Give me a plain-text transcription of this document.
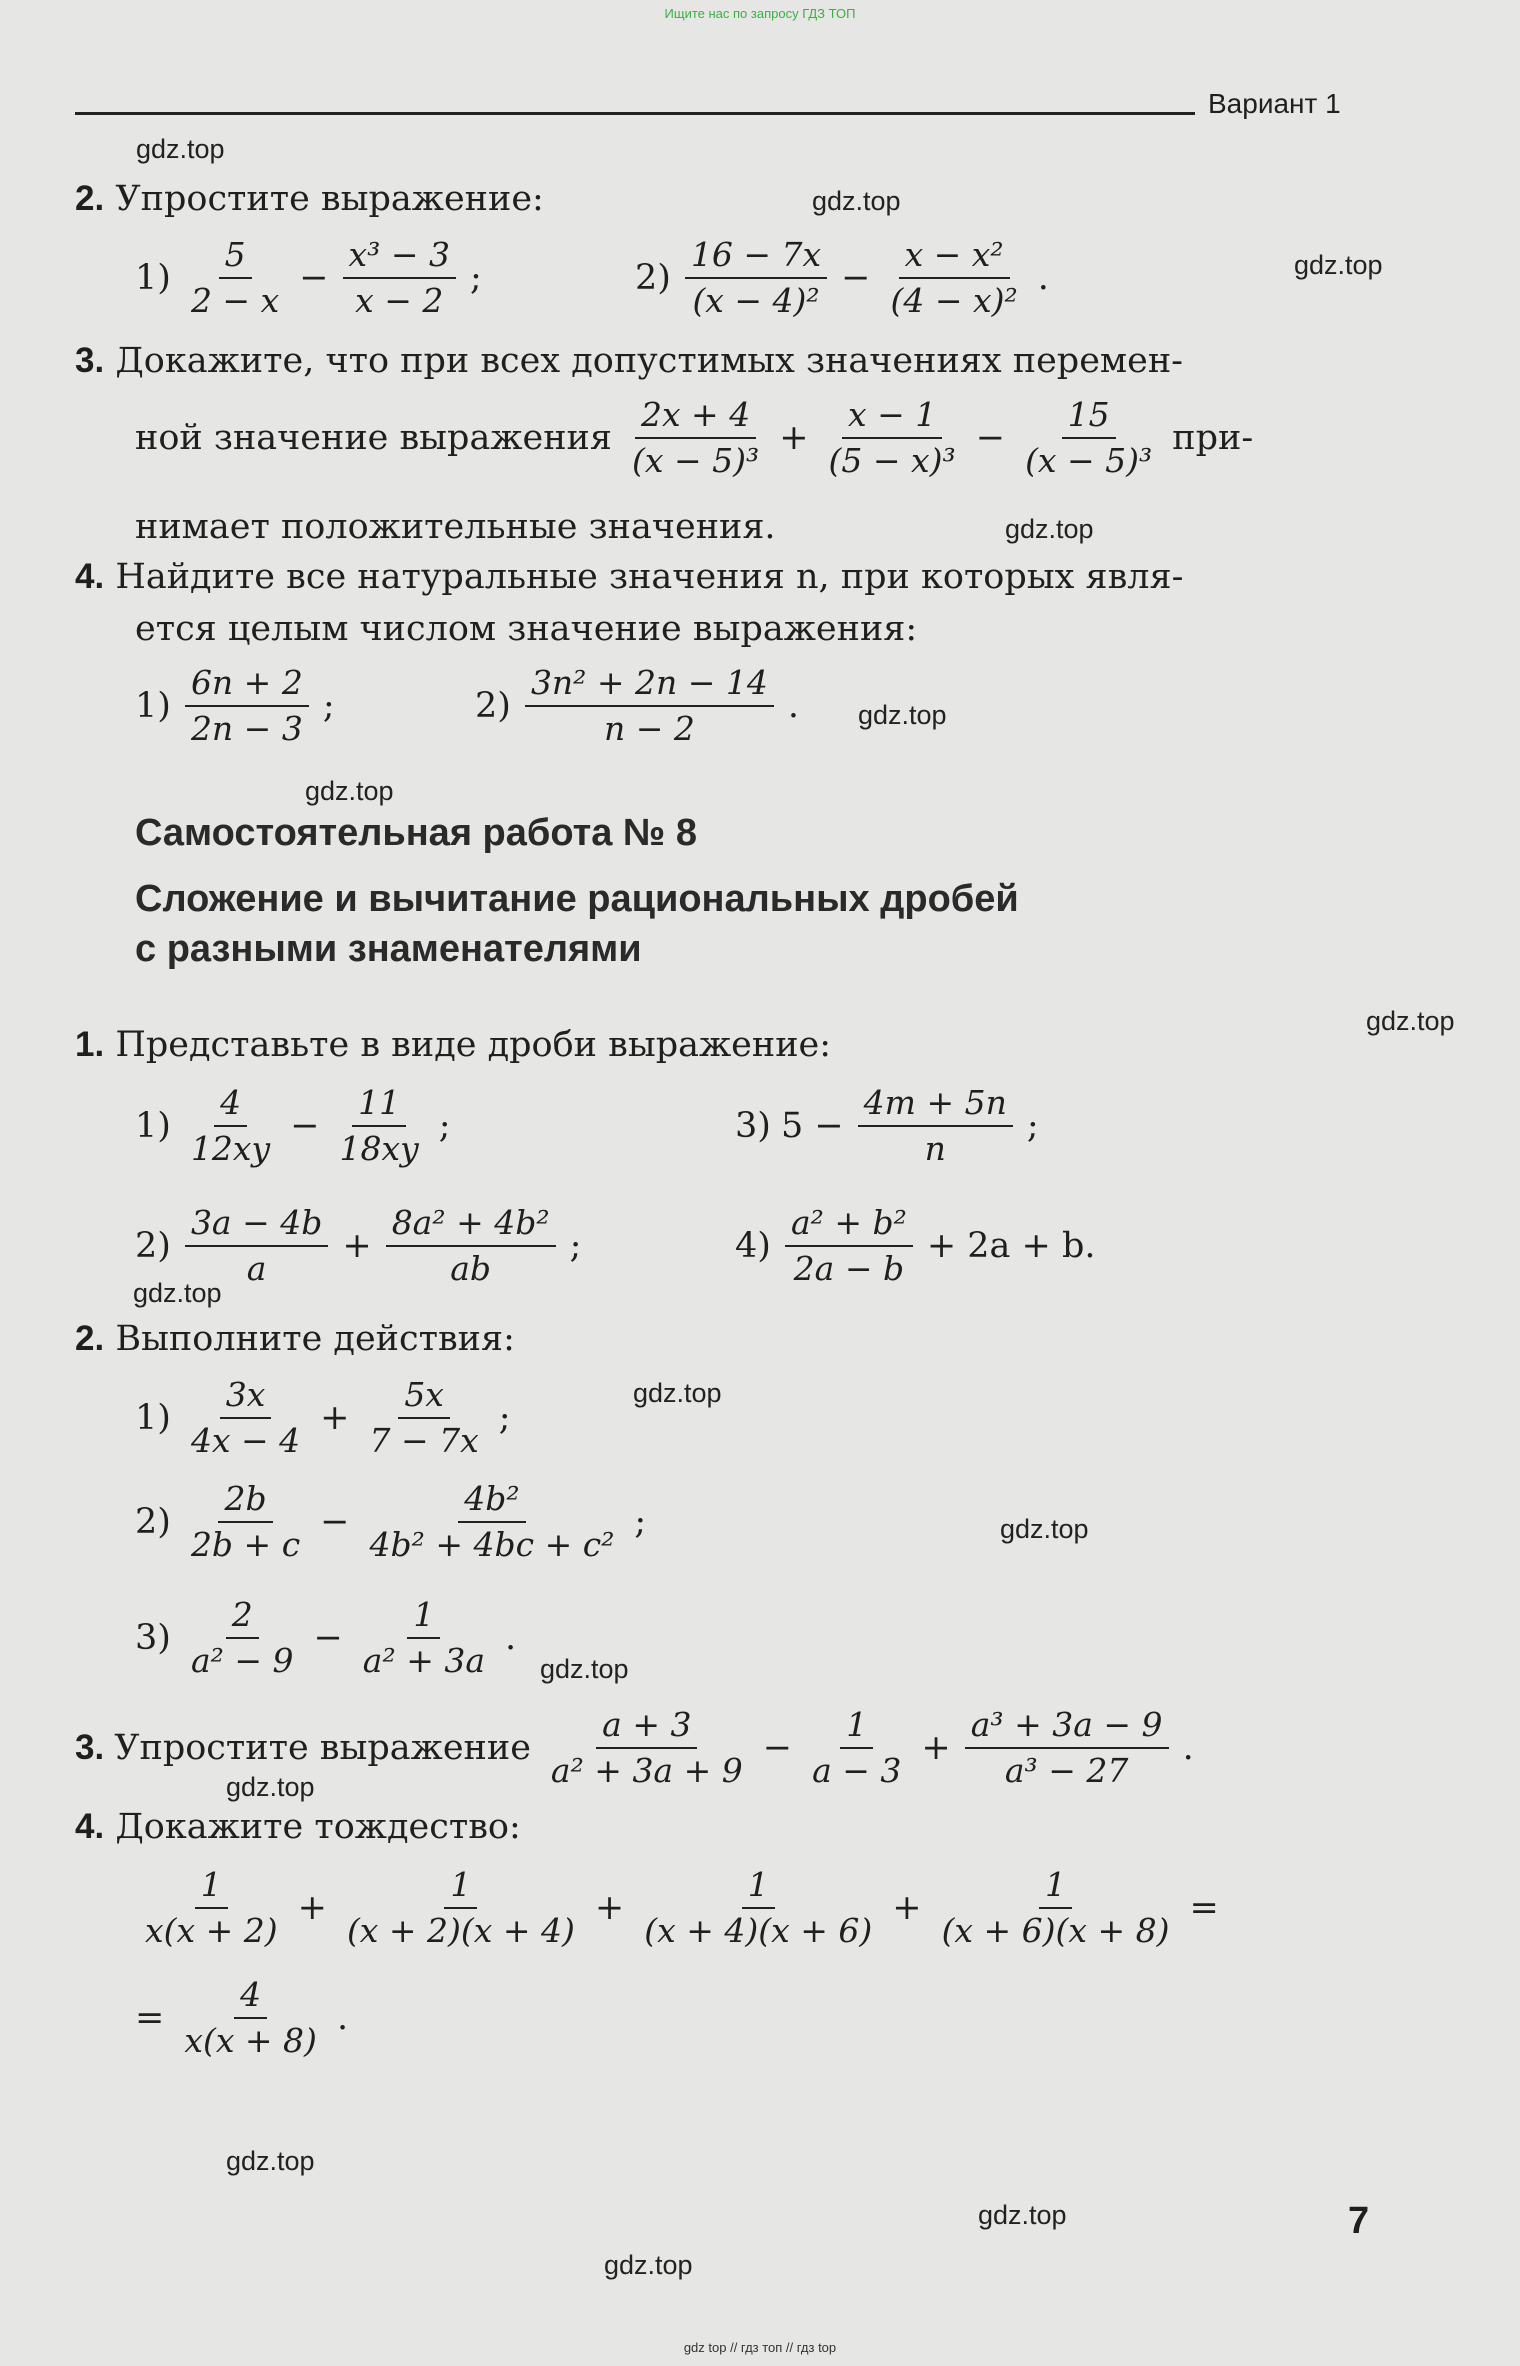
Ищите нас по запросу ГДЗ ТОП
Вариант 1
gdz.top
gdz.top
gdz.top
gdz.top
gdz.top
gdz.top
gdz.top
gdz.top
gdz.top
gdz.top
gdz.top
gdz.top
gdz.top
gdz.top
gdz.top
2. Упростите выражение:
$1) \frac{5}{2 - x} - \frac{\text{x³ − 3}}{x - 2}$ ;	$2) \frac{16 - 7x}{\text{(x − 4)²}} - \frac{\text{x − x²}}{\text{(4 − x)²}}$ .
3. Докажите, что при всех допустимых значениях перемен-
ной значение выражения $\frac{2x + 4}{\text{(x − 5)³}} + \frac{x - 1}{\text{(5 − x)³}} - \frac{15}{\text{(x − 5)³}} при-$
нимает положительные значения.
4. Найдите все натуральные значения n, при которых явля-
ется целым числом значение выражения:
$1) \frac{6n + 2}{2n - 3}$ ;	$2) \frac{\text{3n² + 2n − 14}}{n - 2}$ .
Самостоятельная работа № 8
Сложение и вычитание рациональных дробей
с разными знаменателями
1. Представьте в виде дроби выражение:
$1) \frac{4}{12xy} - \frac{11}{18xy}$ ;	3) $5 - \frac{4m + 5n}{n}$ ;
$2) \frac{3a - 4b}{a} + \frac{\text{8a² + 4b²}}{ab}$ ;	$4) \frac{\text{a² + b²}}{2a - b} + 2a + b$.
2. Выполните действия:
$1) \frac{3x}{4x - 4} + \frac{5x}{7 - 7x}$ ;
$2) \frac{2b}{2b + c} - \frac{\text{4b²}}{\text{4b² + 4bc + c²}}$ ;
$3) \frac{2}{\text{a² − 9}} - \frac{1}{\text{a² + 3a}}$ .
3. Упростите выражение $\frac{a + 3}{\text{a² + 3a + 9}} - \frac{1}{a - 3} + \frac{\text{a³ + 3a − 9}}{\text{a³ − 27}}$ .
4. Докажите тождество:
$\frac{1}{x(x + 2)} + \frac{1}{(x + 2)(x + 4)} + \frac{1}{(x + 4)(x + 6)} + \frac{1}{(x + 6)(x + 8)}$ =
= $\frac{4}{x(x + 8)}$ .
7
gdz top // гдз топ // гдз top
